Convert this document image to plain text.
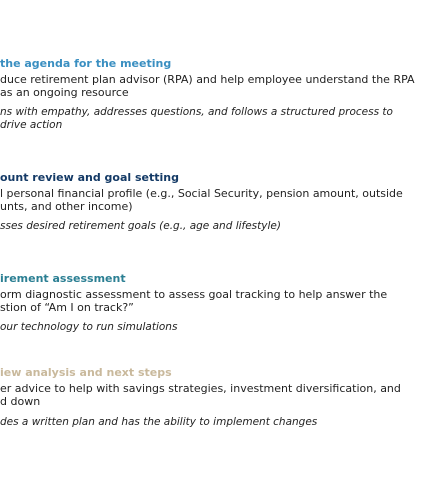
the agenda for the meeting

duce retirement plan advisor (RPA) and help employee understand the RPA

as an ongoing resource

ns with empathy, addresses questions, and follows a structured process to

drive action

ount review and goal setting

l personal financial profile (e.g., Social Security, pension amount, outside

unts, and other income)

sses desired retirement goals (e.g., age and lifestyle)

irement assessment

orm diagnostic assessment to assess goal tracking to help answer the

stion of “Am I on track?”

our technology to run simulations

iew analysis and next steps

er advice to help with savings strategies, investment diversification, and

d down

des a written plan and has the ability to implement changes
